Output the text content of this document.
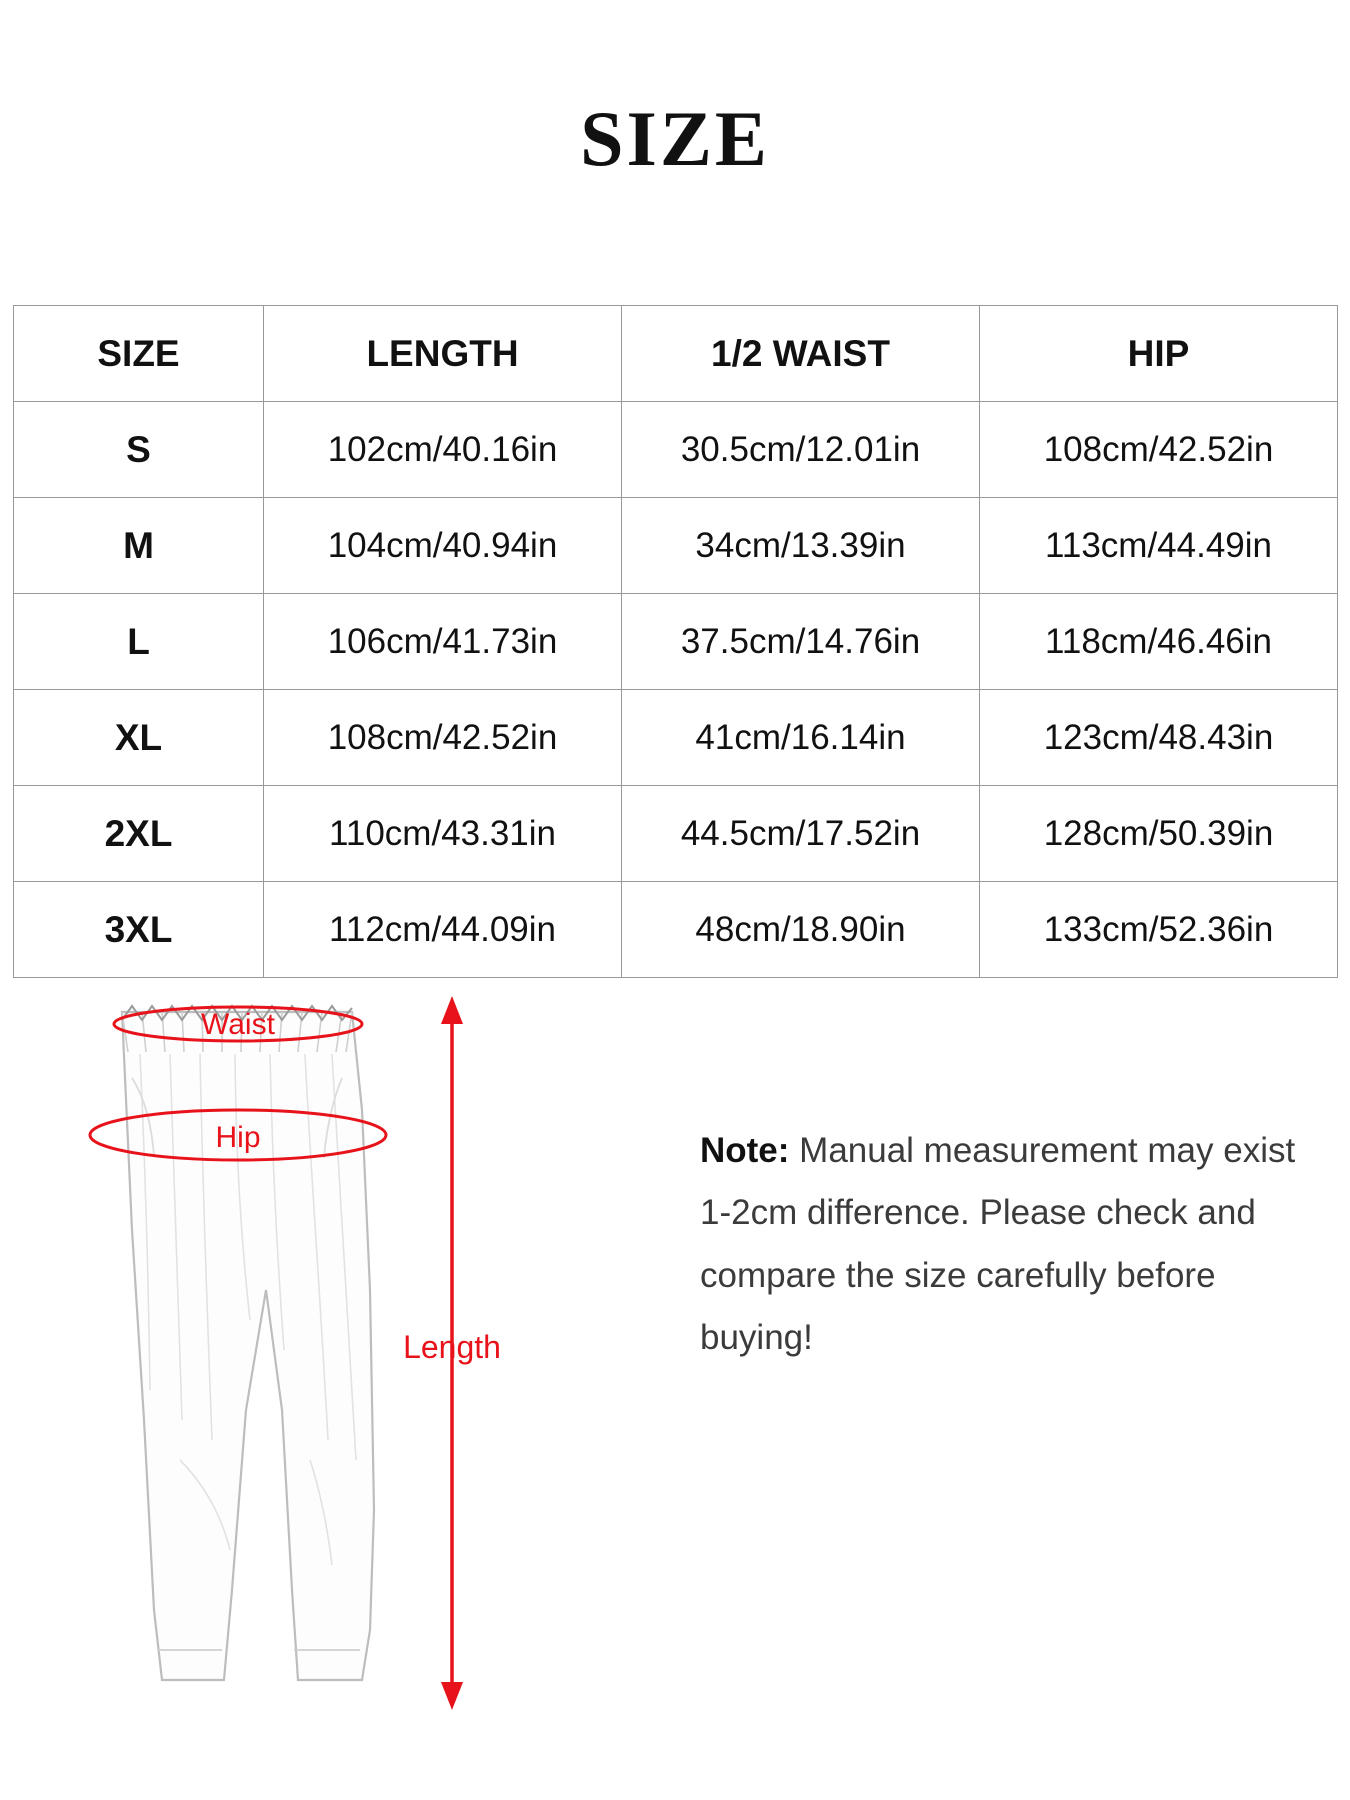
SIZE
SIZE	LENGTH	1/2 WAIST	HIP
S	102cm/40.16in	30.5cm/12.01in	108cm/42.52in
M	104cm/40.94in	34cm/13.39in	113cm/44.49in
L	106cm/41.73in	37.5cm/14.76in	118cm/46.46in
XL	108cm/42.52in	41cm/16.14in	123cm/48.43in
2XL	110cm/43.31in	44.5cm/17.52in	128cm/50.39in
3XL	112cm/44.09in	48cm/18.90in	133cm/52.36in
Waist
Hip
Length
Note: Manual measurement may exist 1-2cm difference. Please check and compare the size carefully before buying!
